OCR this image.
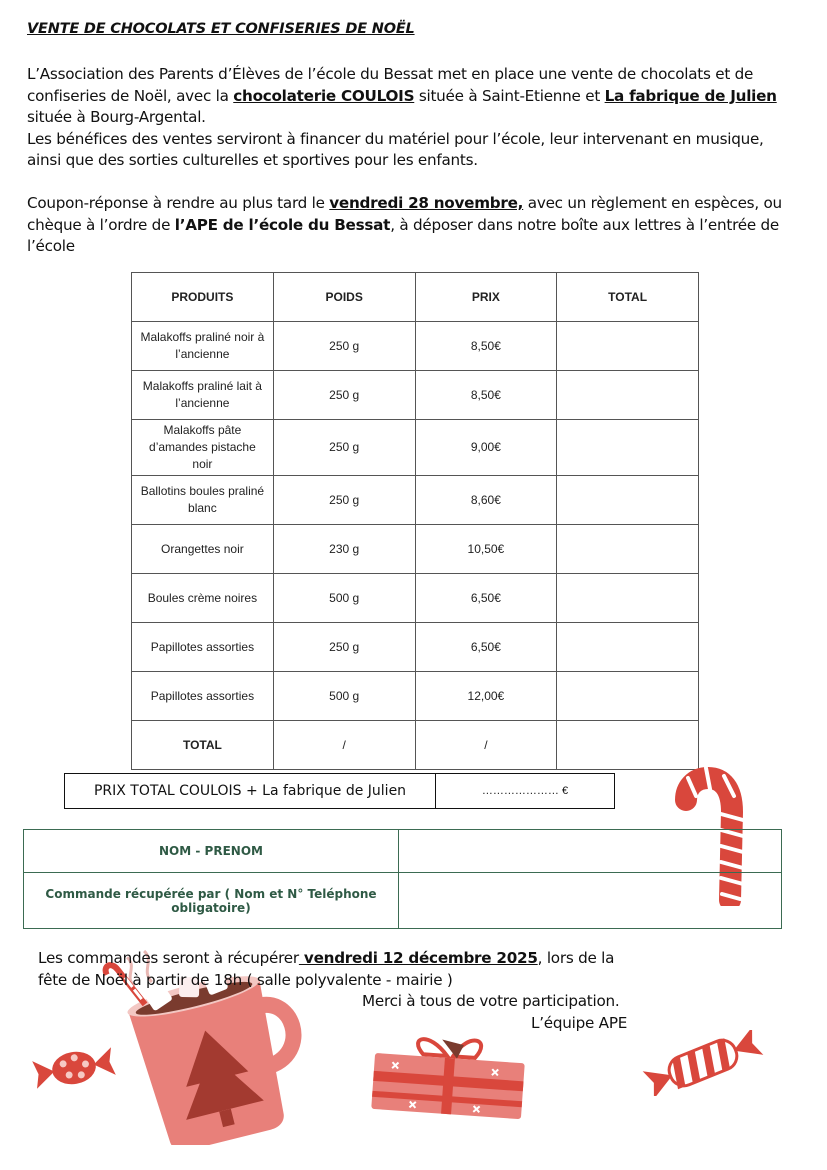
VENTE DE CHOCOLATS ET CONFISERIES DE NOËL
L’Association des Parents d’Élèves de l’école du Bessat met en place une vente de chocolats et de confiseries de Noël, avec la chocolaterie COULOIS située à Saint-Etienne et La fabrique de Julien située à Bourg-Argental.
Les bénéfices des ventes serviront à financer du matériel pour l’école, leur intervenant en musique, ainsi que des sorties culturelles et sportives pour les enfants.
Coupon-réponse à rendre au plus tard le vendredi 28 novembre, avec un règlement en espèces, ou chèque à l’ordre de l’APE de l’école du Bessat, à déposer dans notre boîte aux lettres à l’entrée de l’école
PRODUITS	POIDS	PRIX	TOTAL
Malakoffs praliné noir à l’ancienne	250 g	8,50€	
Malakoffs praliné lait à l’ancienne	250 g	8,50€	
Malakoffs pâte d’amandes pistache noir	250 g	9,00€	
Ballotins boules praliné blanc	250 g	8,60€	
Orangettes noir	230 g	10,50€	
Boules crème noires	500 g	6,50€	
Papillotes assorties	250 g	6,50€	
Papillotes assorties	500 g	12,00€	
TOTAL	/	/	
PRIX TOTAL COULOIS + La fabrique de Julien	………………… €
NOM - PRENOM	
Commande récupérée par ( Nom et N° Teléphone obligatoire)	
Les commandes seront à récupérer vendredi 12 décembre 2025, lors de la fête de Noël à partir de 18h ( salle polyvalente - mairie )
Merci à tous de votre participation.
L’équipe APE
